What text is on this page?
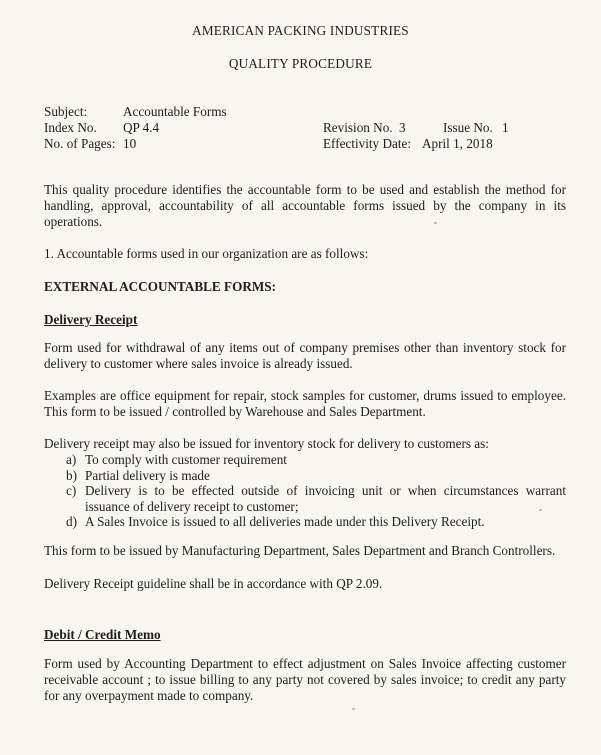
AMERICAN PACKING INDUSTRIES
QUALITY PROCEDURE
Subject:	Accountable Forms
Index No. QP 4.4
No. of Pages: 10
Revision No. 3	Issue No. 1
Effectivity Date: April 1, 2018
This quality procedure identifies the accountable form to be used and establish the method for handling, approval, accountability of all accountable forms issued by the company in its operations.
1. Accountable forms used in our organization are as follows:
EXTERNAL ACCOUNTABLE FORMS:
Delivery Receipt
Form used for withdrawal of any items out of company premises other than inventory stock for delivery to customer where sales invoice is already issued.
Examples are office equipment for repair, stock samples for customer, drums issued to employee. This form to be issued / controlled by Warehouse and Sales Department.
Delivery receipt may also be issued for inventory stock for delivery to customers as:
a) To comply with customer requirement
b) Partial delivery is made
c) Delivery is to be effected outside of invoicing unit or when circumstances warrant issuance of delivery receipt to customer;
d) A Sales Invoice is issued to all deliveries made under this Delivery Receipt.
This form to be issued by Manufacturing Department, Sales Department and Branch Controllers.
Delivery Receipt guideline shall be in accordance with QP 2.09.
Debit / Credit Memo
Form used by Accounting Department to effect adjustment on Sales Invoice affecting customer receivable account ; to issue billing to any party not covered by sales invoice; to credit any party for any overpayment made to company.
